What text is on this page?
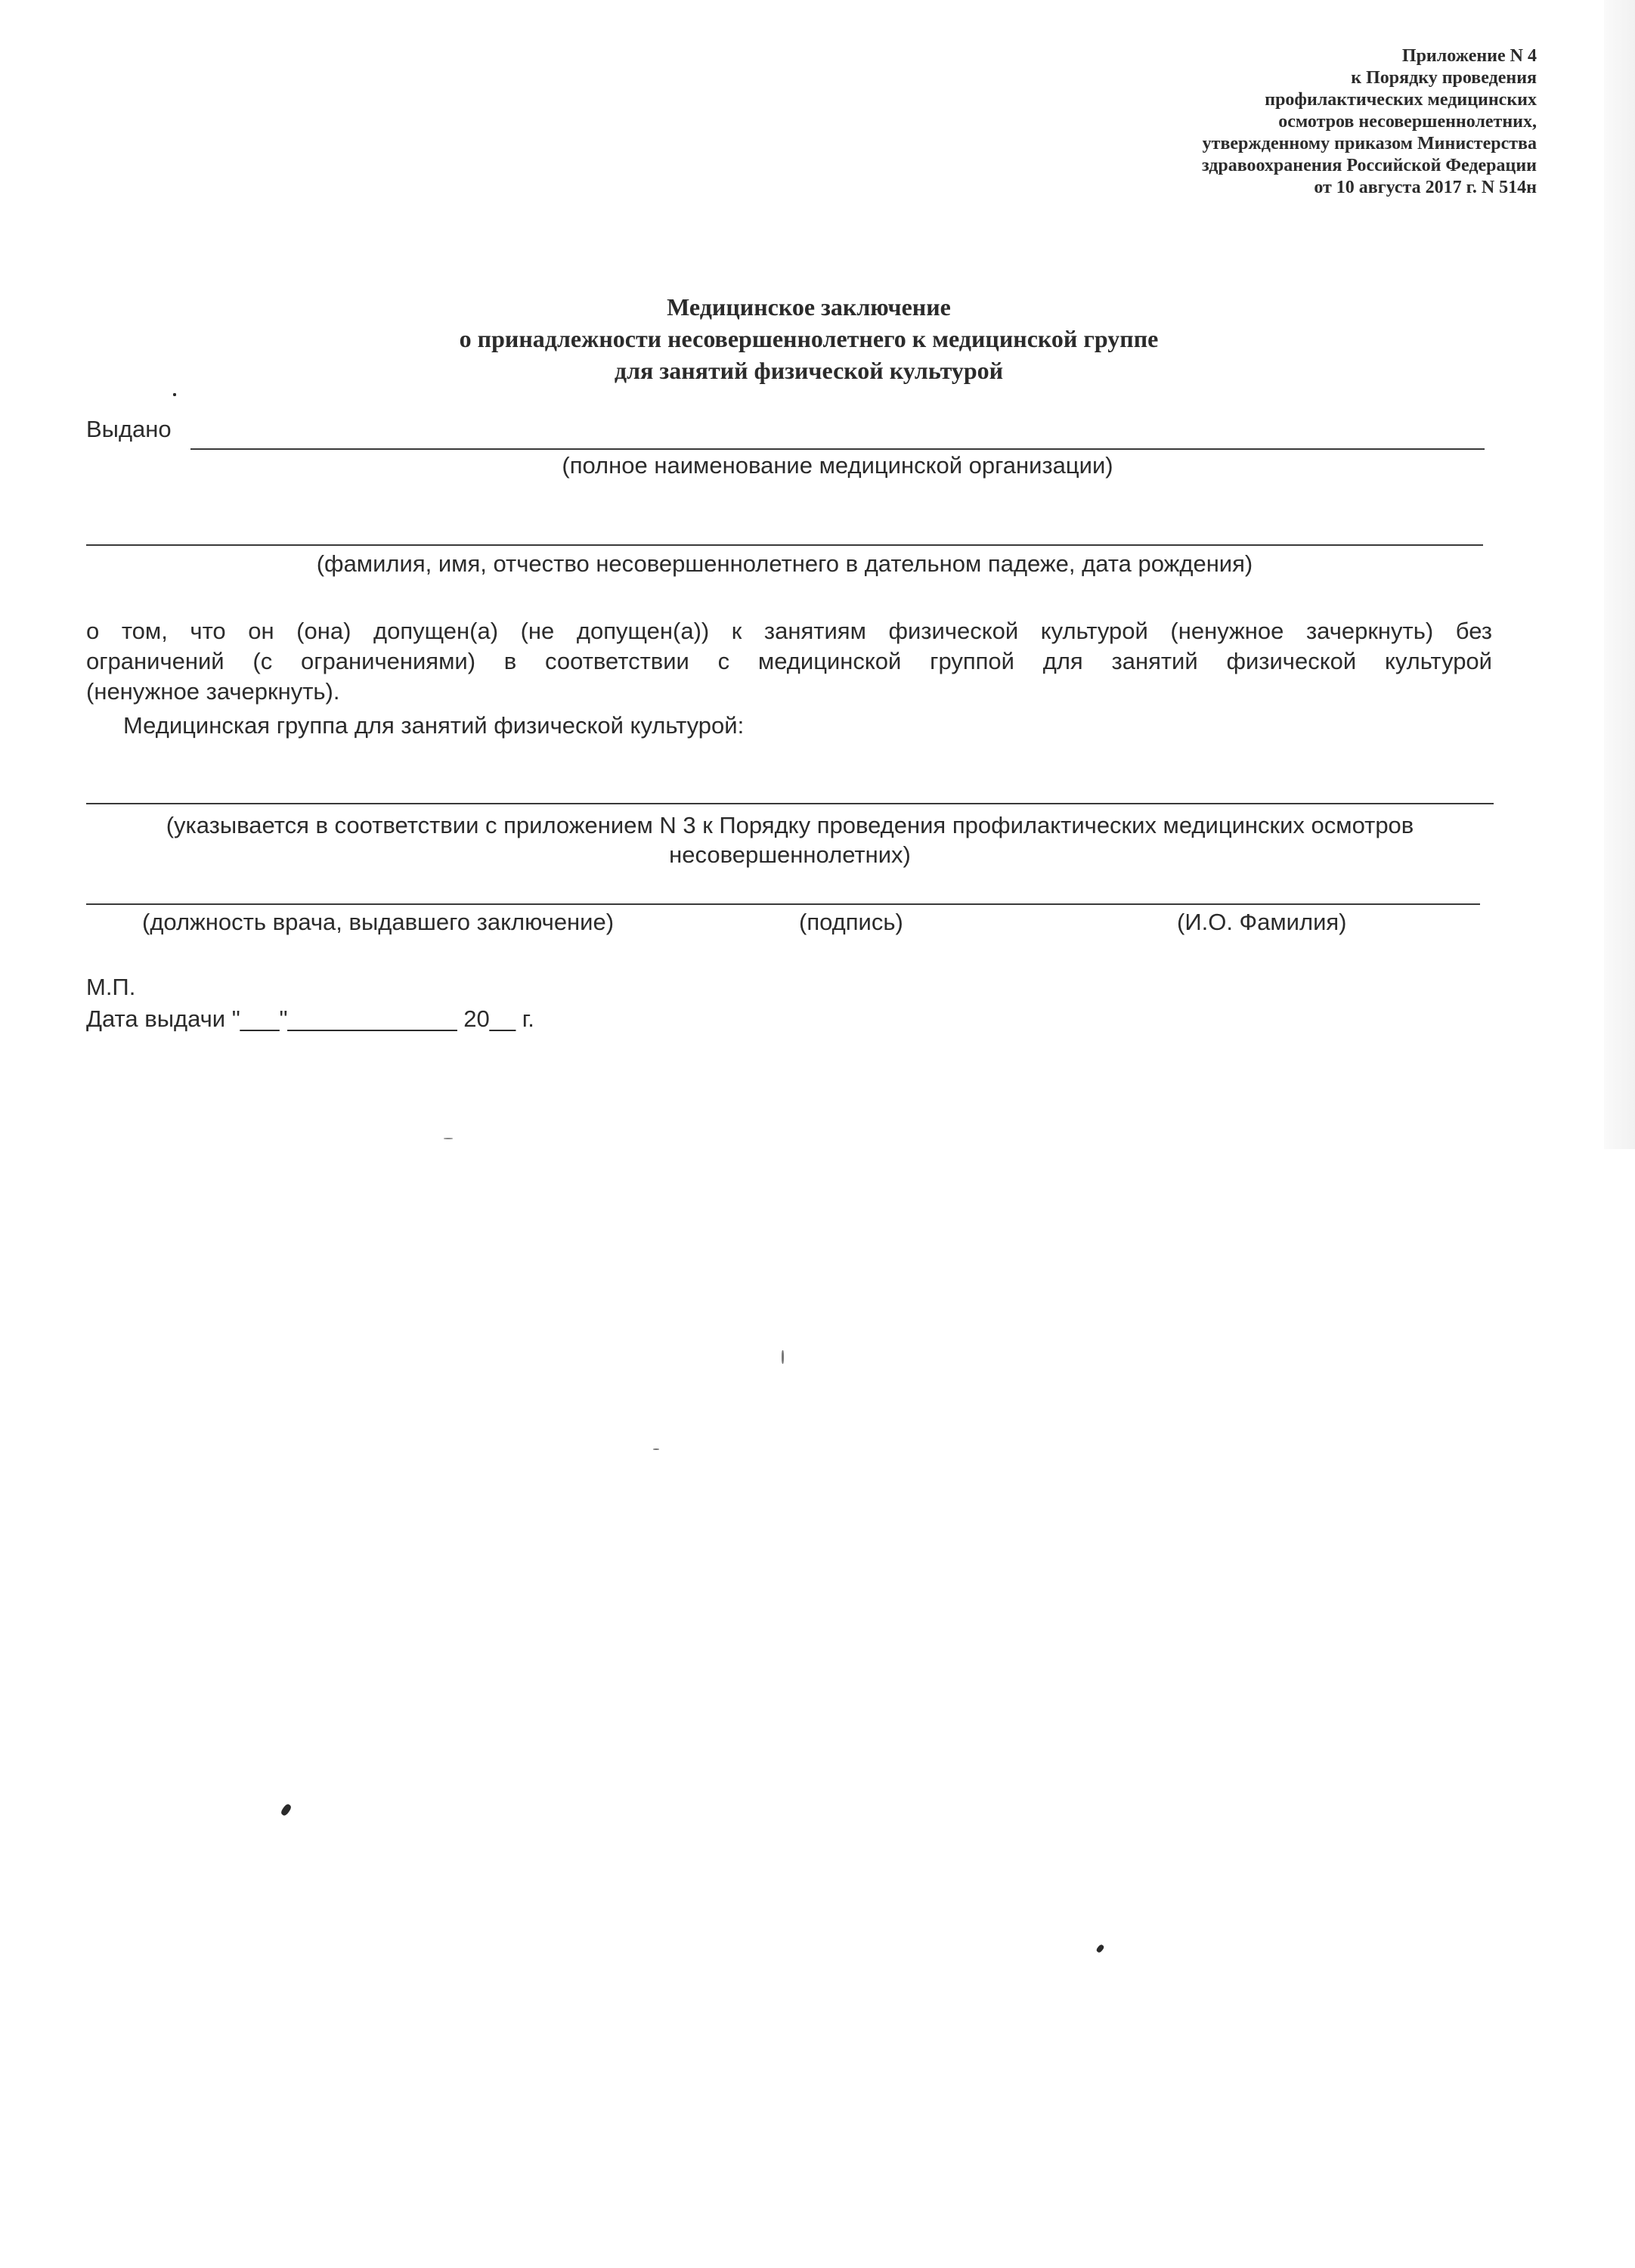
Приложение N 4
к Порядку проведения
профилактических медицинских
осмотров несовершеннолетних,
утвержденному приказом Министерства
здравоохранения Российской Федерации
от 10 августа 2017 г. N 514н
Медицинское заключение
о принадлежности несовершеннолетнего к медицинской группе
для занятий физической культурой
Выдано
(полное наименование медицинской организации)
(фамилия, имя, отчество несовершеннолетнего в дательном падеже, дата рождения)
о том, что он (она) допущен(а) (не допущен(а)) к занятиям физической культурой (ненужное зачеркнуть) без
ограничений (с ограничениями) в соответствии с медицинской группой для занятий физической культурой
(ненужное зачеркнуть).
Медицинская группа для занятий физической культурой:
(указывается в соответствии с приложением N 3 к Порядку проведения профилактических медицинских осмотров
несовершеннолетних)
(должность врача, выдавшего заключение)	(подпись)	(И.О. Фамилия)
М.П.
Дата выдачи "___"_____________ 20__ г.
